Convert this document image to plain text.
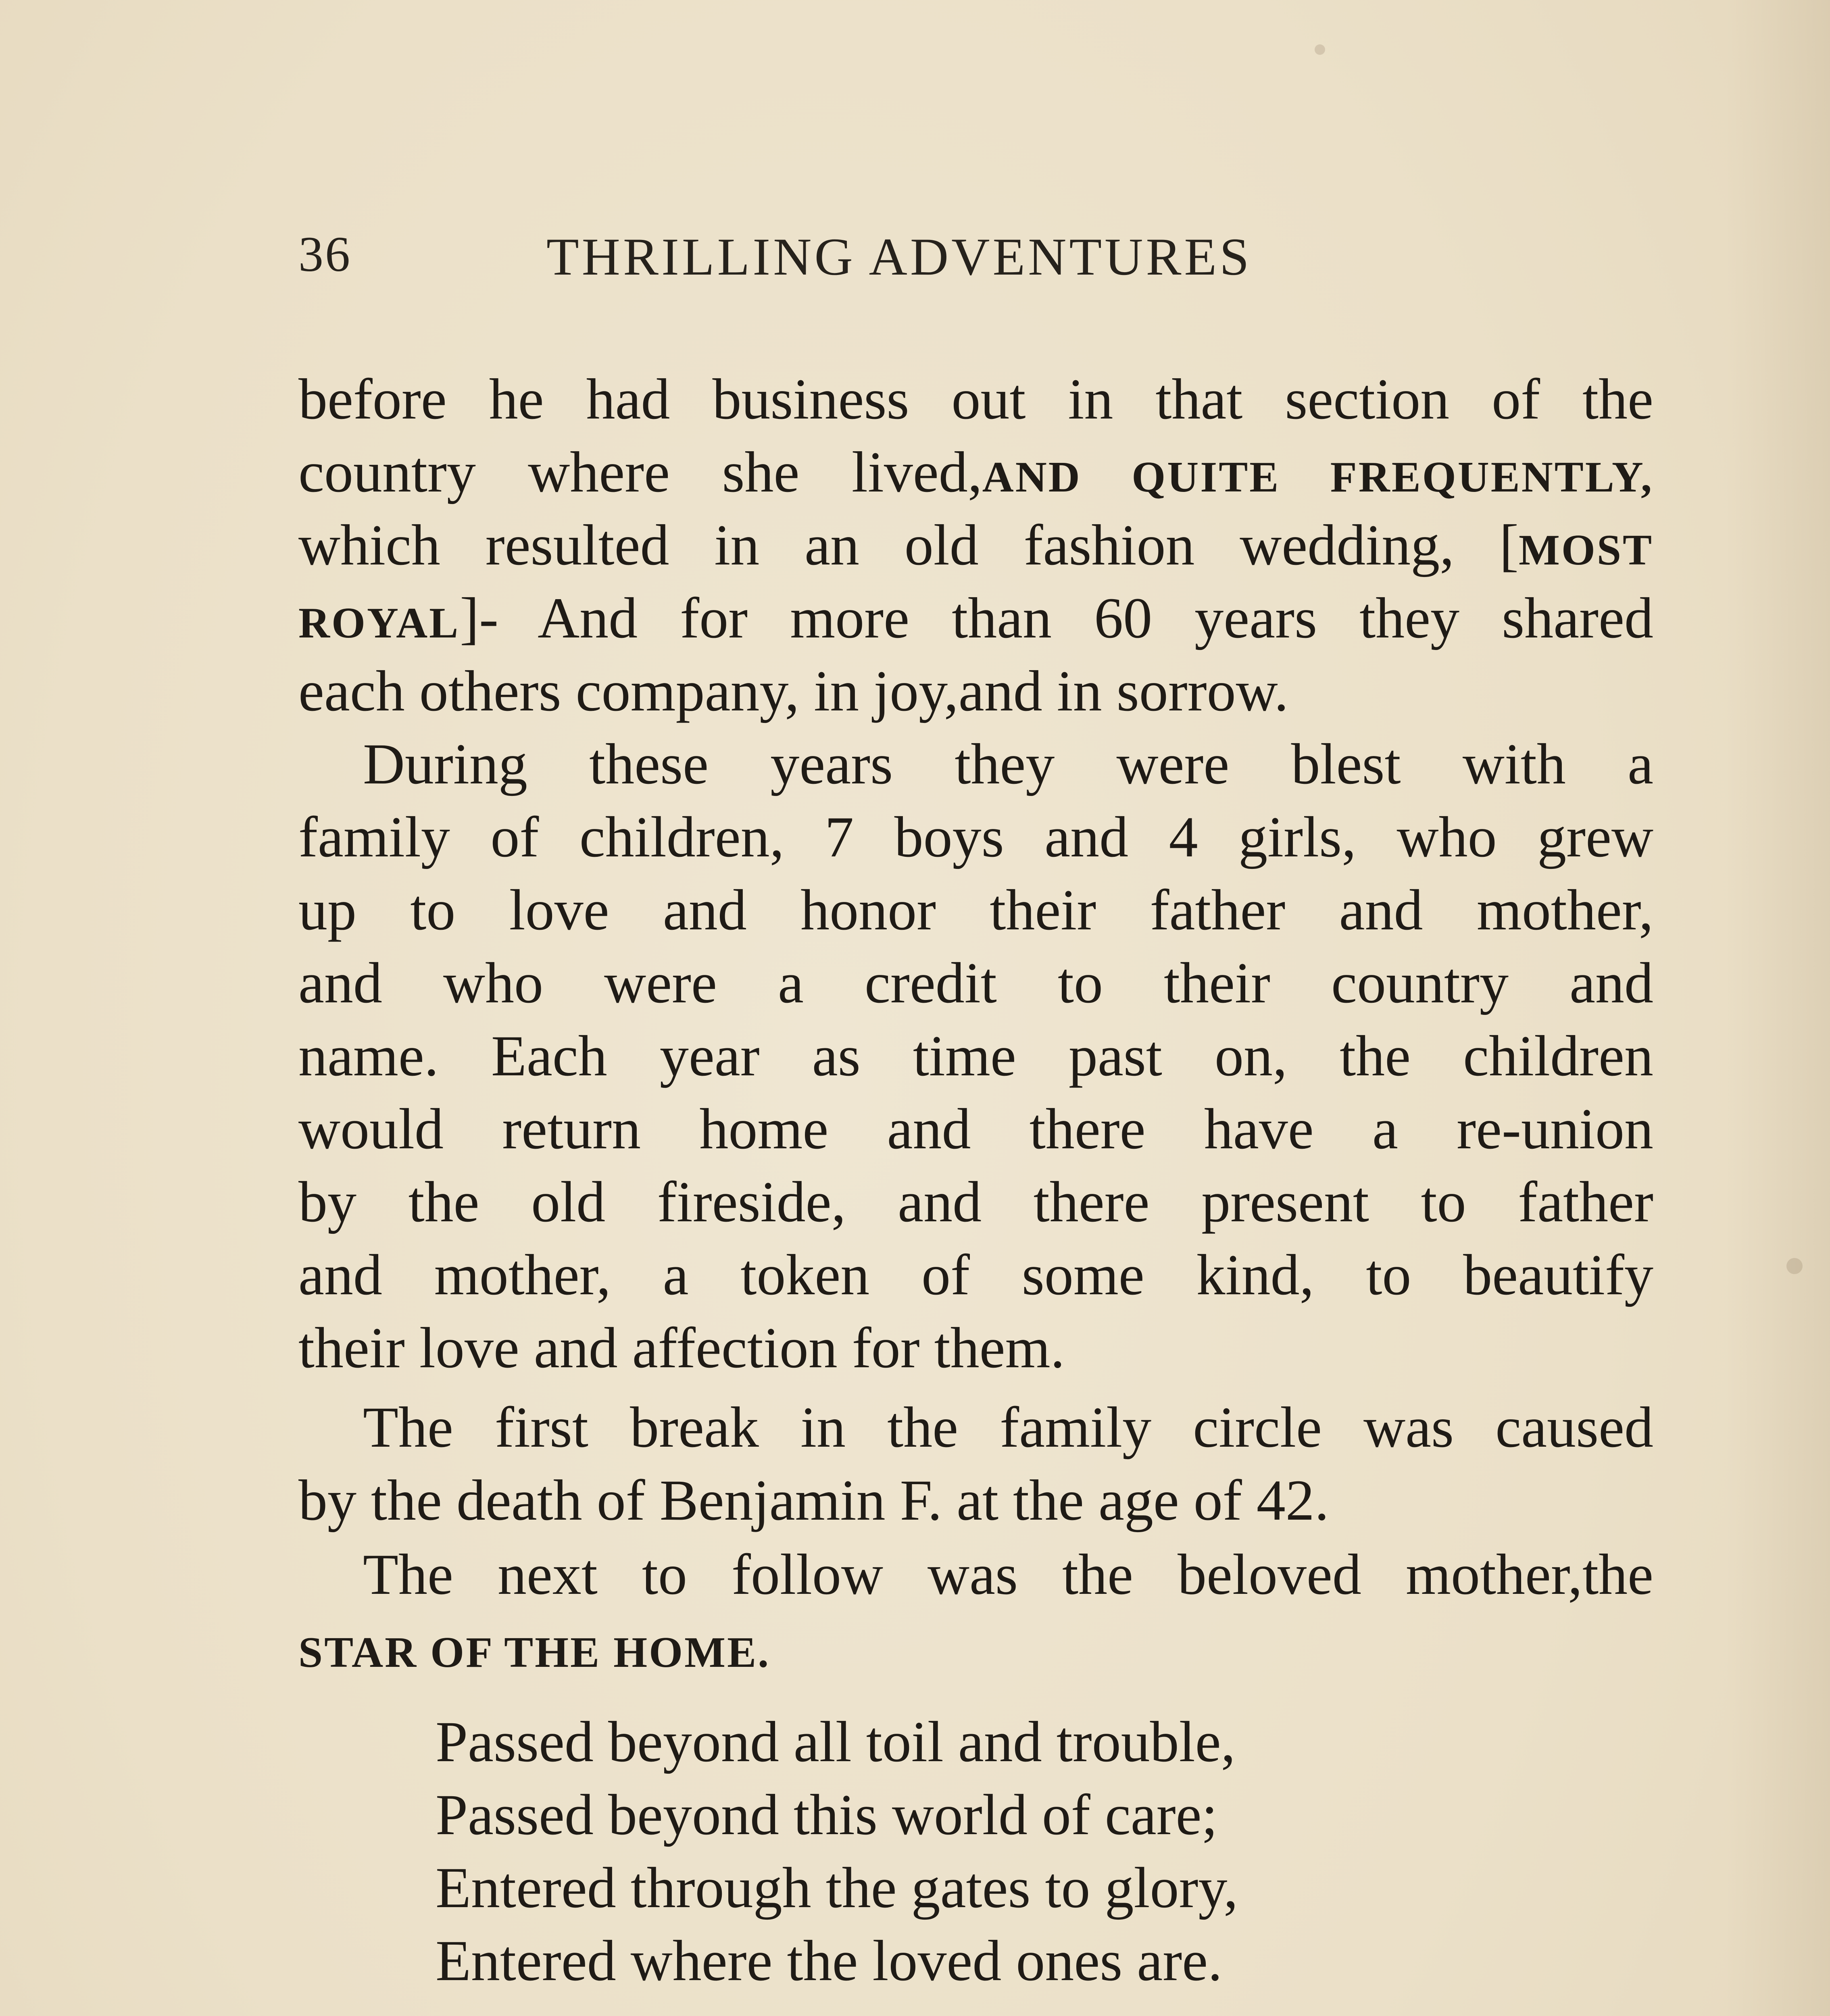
36	THRILLING ADVENTURES
before he had business out in that section of the
country where she lived,AND QUITE FREQUENTLY,
which resulted in an old fashion wedding, [MOST
ROYAL]- And for more than 60 years they shared
each others company, in joy,and in sorrow.
During these years they were blest with a
family of children, 7 boys and 4 girls, who grew
up to love and honor their father and mother,
and who were a credit to their country and
name. Each year as time past on, the children
would return home and there have a re-union
by the old fireside, and there present to father
and mother, a token of some kind, to beautify
their love and affection for them.
The first break in the family circle was caused
by the death of Benjamin F. at the age of 42.
The next to follow was the beloved mother,the
STAR OF THE HOME.
Passed beyond all toil and trouble,
Passed beyond this world of care;
Entered through the gates to glory,
Entered where the loved ones are.
